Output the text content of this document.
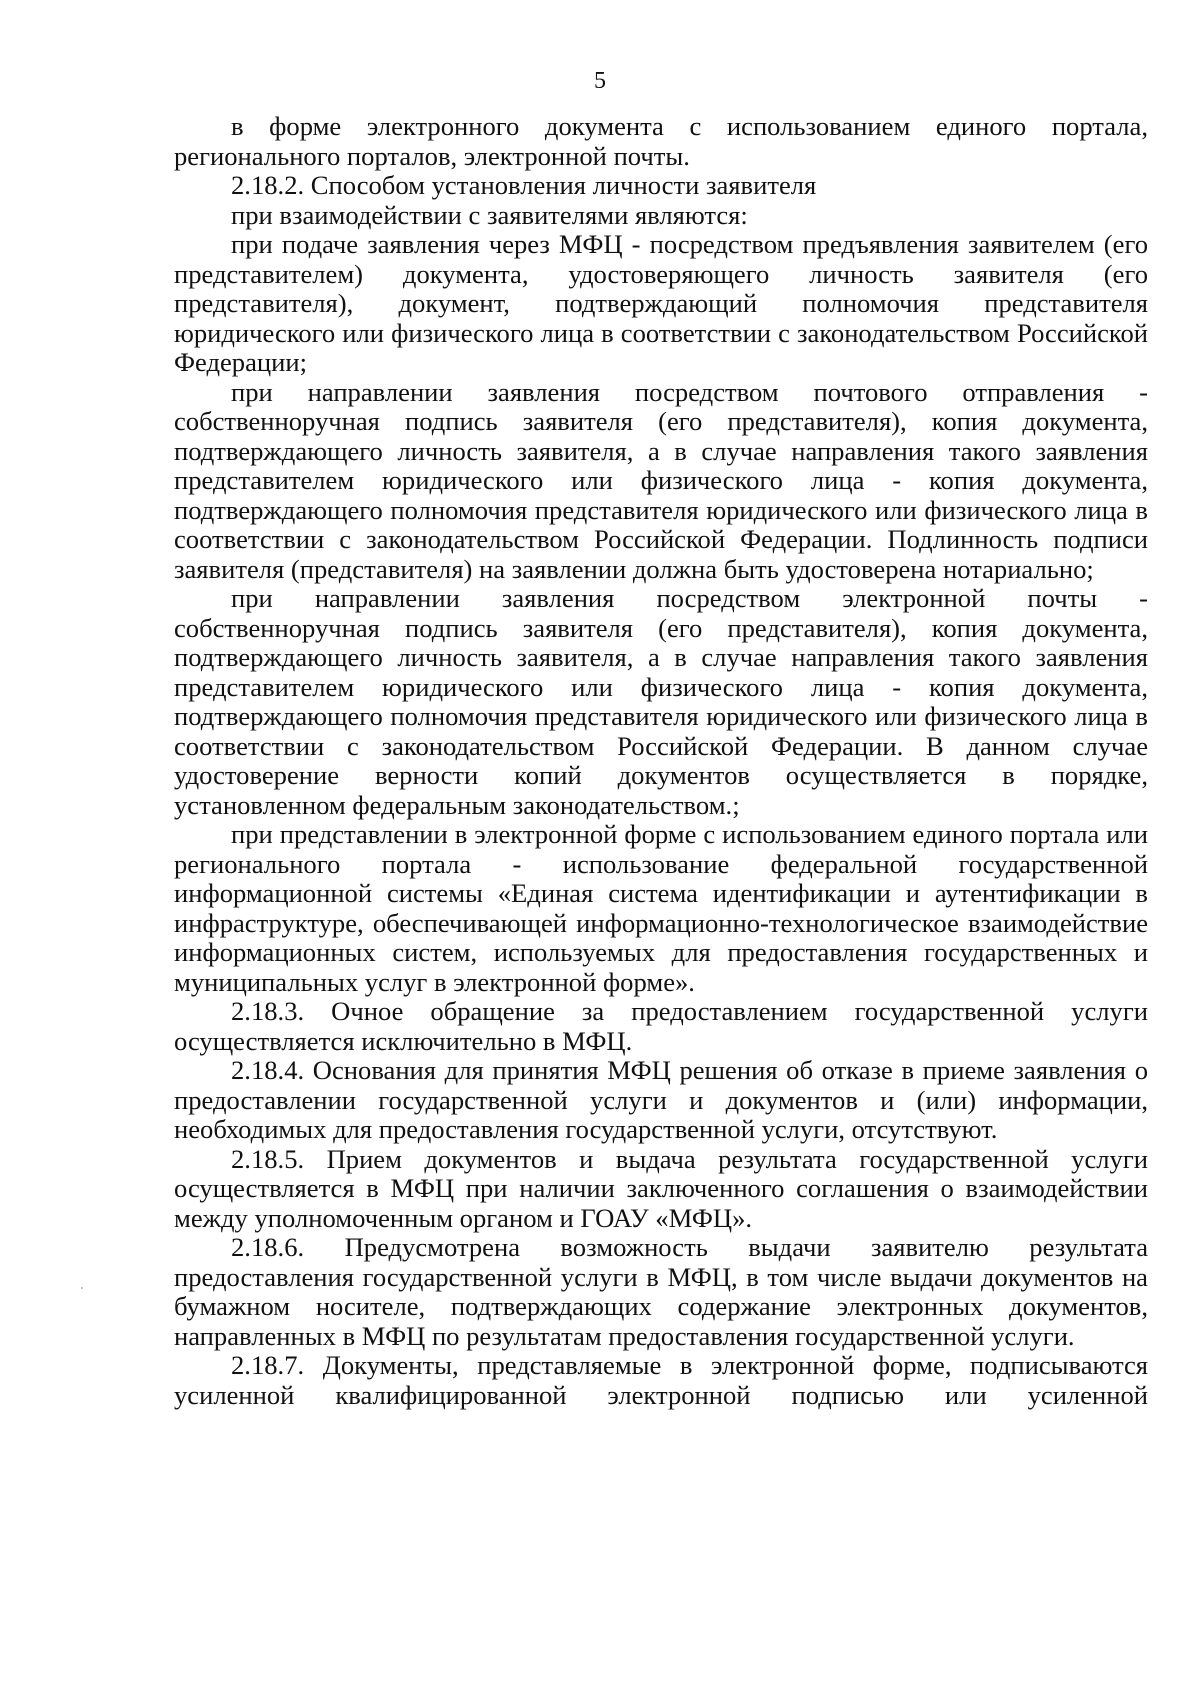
5

в форме электронного документа с использованием единого портала, регионального порталов, электронной почты.

2.18.2. Способом установления личности заявителя

при взаимодействии с заявителями являются:

при подаче заявления через МФЦ - посредством предъявления заявителем (его представителем) документа, удостоверяющего личность заявителя (его представителя), документ, подтверждающий полномочия представителя юридического или физического лица в соответствии с законодательством Российской Федерации;

при направлении заявления посредством почтового отправления - собственноручная подпись заявителя (его представителя), копия документа, подтверждающего личность заявителя, а в случае направления такого заявления представителем юридического или физического лица - копия документа, подтверждающего полномочия представителя юридического или физического лица в соответствии с законодательством Российской Федерации. Подлинность подписи заявителя (представителя) на заявлении должна быть удостоверена нотариально;

при направлении заявления посредством электронной почты - собственноручная подпись заявителя (его представителя), копия документа, подтверждающего личность заявителя, а в случае направления такого заявления представителем юридического или физического лица - копия документа, подтверждающего полномочия представителя юридического или физического лица в соответствии с законодательством Российской Федерации. В данном случае удостоверение верности копий документов осуществляется в порядке, установленном федеральным законодательством.;

при представлении в электронной форме с использованием единого портала или регионального портала - использование федеральной государственной информационной системы «Единая система идентификации и аутентификации в инфраструктуре, обеспечивающей информационно-технологическое взаимодействие информационных систем, используемых для предоставления государственных и муниципальных услуг в электронной форме».

2.18.3. Очное обращение за предоставлением государственной услуги осуществляется исключительно в МФЦ.

2.18.4. Основания для принятия МФЦ решения об отказе в приеме заявления о предоставлении государственной услуги и документов и (или) информации, необходимых для предоставления государственной услуги, отсутствуют.

2.18.5. Прием документов и выдача результата государственной услуги осуществляется в МФЦ при наличии заключенного соглашения о взаимодействии между уполномоченным органом и ГОАУ «МФЦ».

2.18.6. Предусмотрена возможность выдачи заявителю результата предоставления государственной услуги в МФЦ, в том числе выдачи документов на бумажном носителе, подтверждающих содержание электронных документов, направленных в МФЦ по результатам предоставления государственной услуги.

2.18.7. Документы, представляемые в электронной форме, подписываются усиленной квалифицированной электронной подписью или усиленной
